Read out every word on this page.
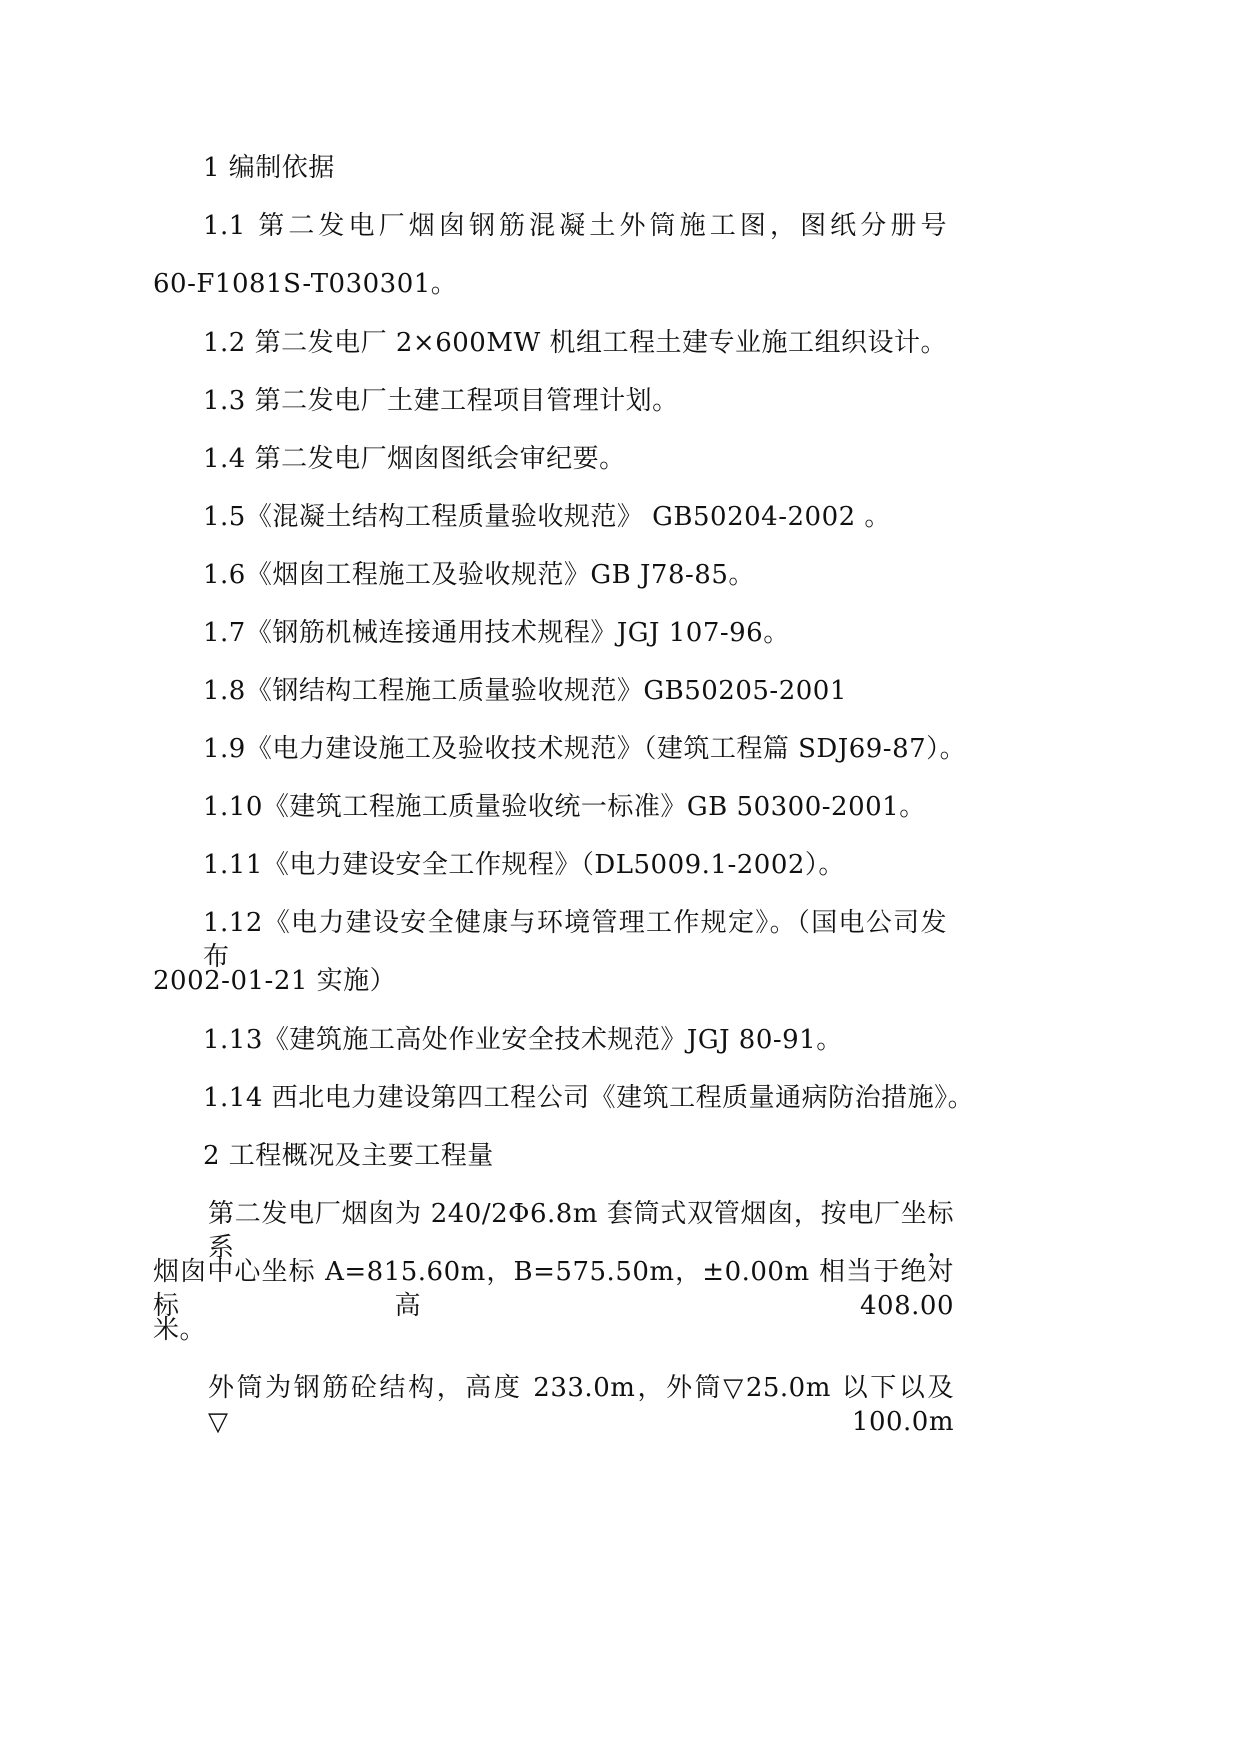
1 编制依据

1.1 第二发电厂烟囱钢筋混凝土外筒施工图，图纸分册号

60-F1081S-T030301。

1.2 第二发电厂 2×600MW 机组工程土建专业施工组织设计。

1.3 第二发电厂土建工程项目管理计划。

1.4 第二发电厂烟囱图纸会审纪要。

1.5《混凝土结构工程质量验收规范》 GB50204-2002 。

1.6《烟囱工程施工及验收规范》GB J78-85。

1.7《钢筋机械连接通用技术规程》JGJ 107-96。

1.8《钢结构工程施工质量验收规范》GB50205-2001

1.9《电力建设施工及验收技术规范》（建筑工程篇 SDJ69-87）。

1.10《建筑工程施工质量验收统一标准》GB 50300-2001。

1.11《电力建设安全工作规程》（DL5009.1-2002）。

1.12《电力建设安全健康与环境管理工作规定》。（国电公司发布

2002-01-21 实施）

1.13《建筑施工高处作业安全技术规范》JGJ 80-91。

1.14 西北电力建设第四工程公司《建筑工程质量通病防治措施》。

2 工程概况及主要工程量

第二发电厂烟囱为 240/2Φ6.8m 套筒式双管烟囱，按电厂坐标系，

烟囱中心坐标 A=815.60m，B=575.50m，±0.00m 相当于绝对标高 408.00

米。

外筒为钢筋砼结构，高度 233.0m，外筒▽25.0m 以下以及▽100.0m
